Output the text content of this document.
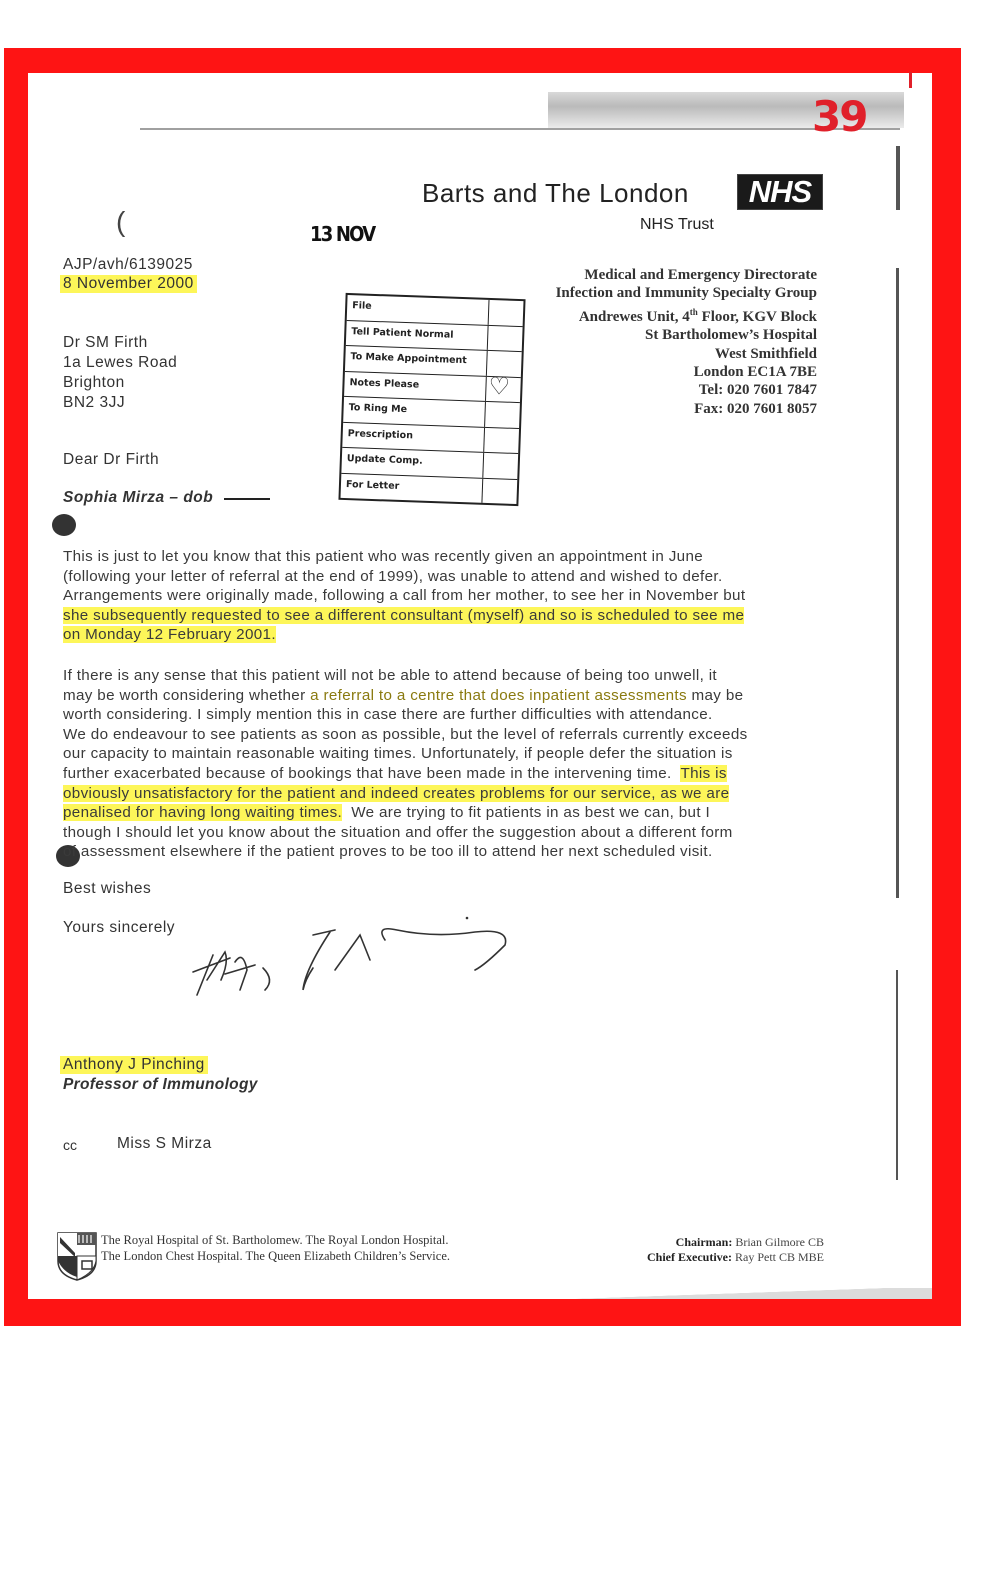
39
Barts and The London	NHS
NHS Trust
(	13 NOV
AJP/avh/6139025
8 November 2000
Dr SM Firth
1a Lewes Road
Brighton
BN2 3JJ
Medical and Emergency Directorate
Infection and Immunity Specialty Group
Andrewes Unit, 4th Floor, KGV Block
St Bartholomew’s Hospital
West Smithfield
London EC1A 7BE
Tel: 020 7601 7847
Fax: 020 7601 8057
File
Tell Patient Normal
To Make Appointment
Notes Please	♡
To Ring Me
Prescription
Update Comp.
For Letter
Dear Dr Firth
Sophia Mirza – dob
This is just to let you know that this patient who was recently given an appointment in June
(following your letter of referral at the end of 1999), was unable to attend and wished to defer.
Arrangements were originally made, following a call from her mother, to see her in November but
she subsequently requested to see a different consultant (myself) and so is scheduled to see me
on Monday 12 February 2001.
If there is any sense that this patient will not be able to attend because of being too unwell, it
may be worth considering whether a referral to a centre that does inpatient assessments may be
worth considering. I simply mention this in case there are further difficulties with attendance.
We do endeavour to see patients as soon as possible, but the level of referrals currently exceeds
our capacity to maintain reasonable waiting times. Unfortunately, if people defer the situation is
further exacerbated because of bookings that have been made in the intervening time.  This is
obviously unsatisfactory for the patient and indeed creates problems for our service, as we are
penalised for having long waiting times.  We are trying to fit patients in as best we can, but I
though I should let you know about the situation and offer the suggestion about a different form
of assessment elsewhere if the patient proves to be too ill to attend her next scheduled visit.
Best wishes
Yours sincerely
Anthony J Pinching
Professor of Immunology
cc	Miss S Mirza
The Royal Hospital of St. Bartholomew. The Royal London Hospital.
The London Chest Hospital. The Queen Elizabeth Children’s Service.
Chairman: Brian Gilmore CB
Chief Executive: Ray Pett CB MBE
